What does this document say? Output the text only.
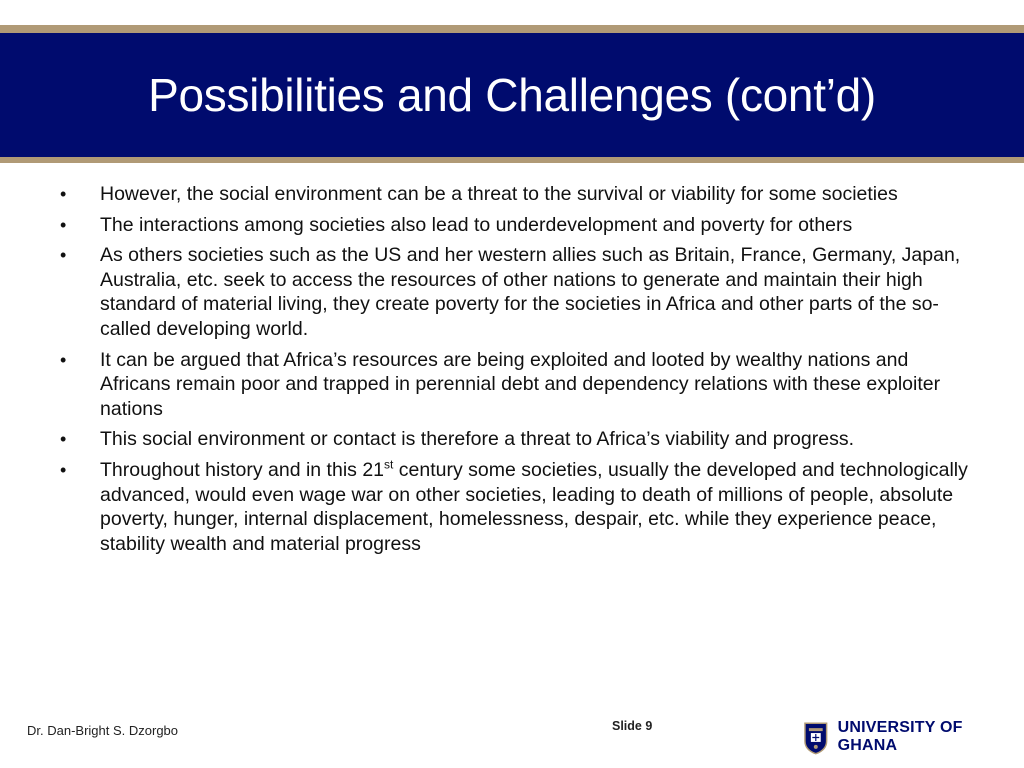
Possibilities and Challenges (cont’d)
• However, the social environment can be a threat to the survival or viability for some societies
• The interactions among societies also lead to underdevelopment and poverty for others
• As others societies such as the US and her western allies such as Britain, France, Germany, Japan, Australia, etc. seek to access the resources of other nations to generate and maintain their high standard of material living, they create poverty for the societies in Africa and other parts of the so-called developing world.
• It can be argued that Africa’s resources are being exploited and looted by wealthy nations and Africans remain poor and trapped in perennial debt and dependency relations with these exploiter nations
• This social environment or contact is therefore a threat to Africa’s viability and progress.
• Throughout history and in this 21st century some societies, usually the developed and technologically advanced, would even wage war on other societies, leading to death of millions of people, absolute poverty, hunger, internal displacement, homelessness, despair, etc. while they experience peace, stability wealth and material progress
Dr. Dan-Bright S. Dzorgbo	Slide 9	UNIVERSITY OF GHANA
